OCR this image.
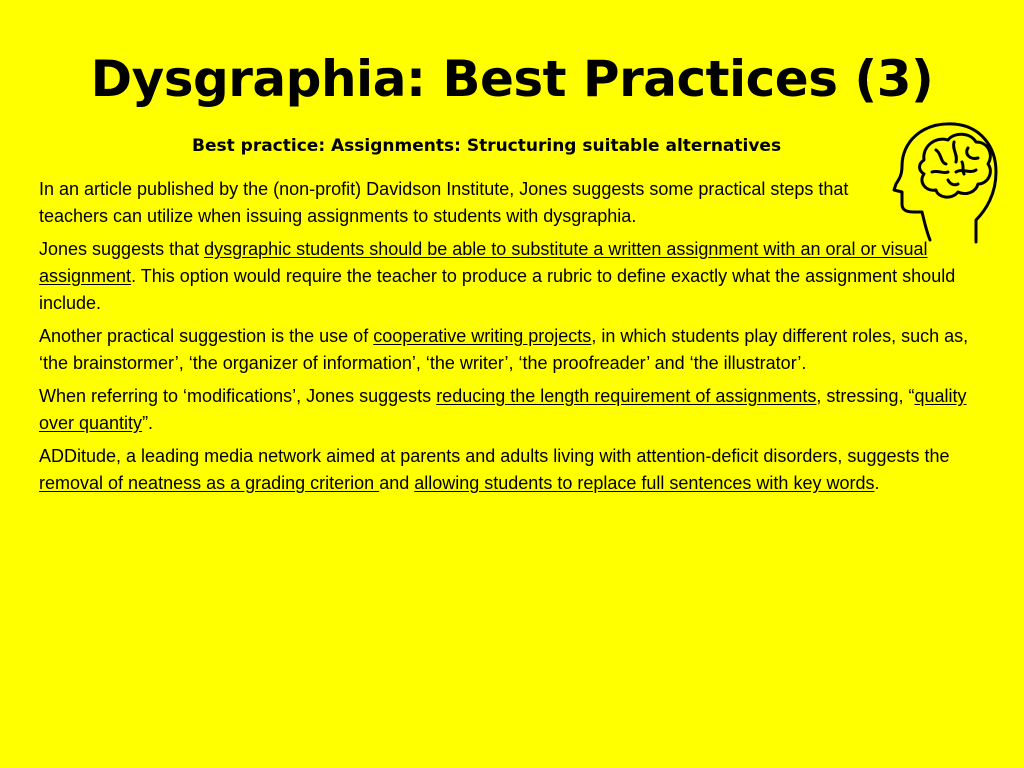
Dysgraphia: Best Practices (3)
Best practice: Assignments: Structuring suitable alternatives

In an article published by the (non-profit) Davidson Institute, Jones suggests some practical steps that teachers can utilize when issuing assignments to students with dysgraphia.

Jones suggests that dysgraphic students should be able to substitute a written assignment with an oral or visual assignment. This option would require the teacher to produce a rubric to define exactly what the assignment should include.

Another practical suggestion is the use of cooperative writing projects, in which students play different roles, such as, ‘the brainstormer’, ‘the organizer of information’, ‘the writer’, ‘the proofreader’ and ‘the illustrator’.

When referring to ‘modifications’, Jones suggests reducing the length requirement of assignments, stressing, “quality over quantity”.

ADDitude, a leading media network aimed at parents and adults living with attention-deficit disorders, suggests the removal of neatness as a grading criterion and allowing students to replace full sentences with key words.
